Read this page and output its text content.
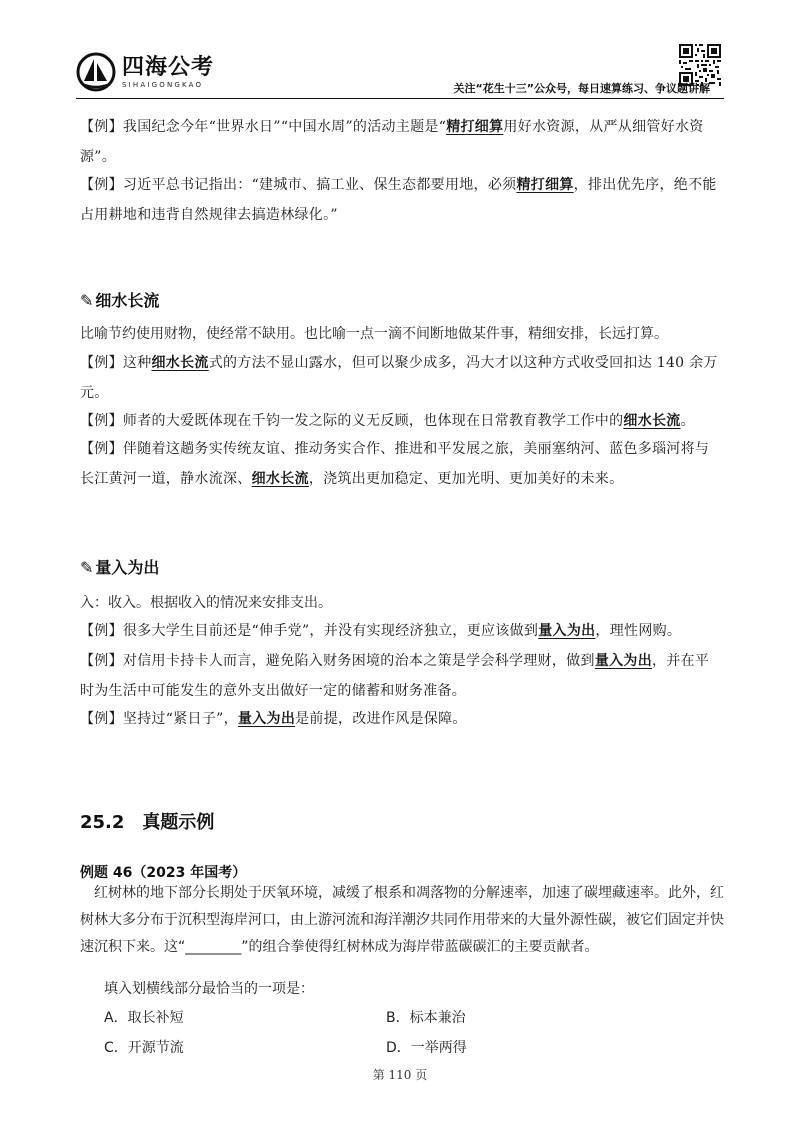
四海公考
SIHAIGONGKAO	关注“花生十三”公众号，每日速算练习、争议题讲解
【例】我国纪念今年“世界水日”“中国水周”的活动主题是“精打细算用好水资源，从严从细管好水资源”。
【例】习近平总书记指出：“建城市、搞工业、保生态都要用地，必须精打细算，排出优先序，绝不能占用耕地和违背自然规律去搞造林绿化。”
✎ 细水长流
比喻节约使用财物，使经常不缺用。也比喻一点一滴不间断地做某件事，精细安排，长远打算。
【例】这种细水长流式的方法不显山露水，但可以聚少成多，冯大才以这种方式收受回扣达 140 余万元。
【例】师者的大爱既体现在千钧一发之际的义无反顾，也体现在日常教育教学工作中的细水长流。
【例】伴随着这趟务实传统友谊、推动务实合作、推进和平发展之旅，美丽塞纳河、蓝色多瑙河将与长江黄河一道，静水流深、细水长流，浇筑出更加稳定、更加光明、更加美好的未来。
✎ 量入为出
入：收入。根据收入的情况来安排支出。
【例】很多大学生目前还是“伸手党”，并没有实现经济独立，更应该做到量入为出，理性网购。
【例】对信用卡持卡人而言，避免陷入财务困境的治本之策是学会科学理财，做到量入为出，并在平时为生活中可能发生的意外支出做好一定的储蓄和财务准备。
【例】坚持过“紧日子”，量入为出是前提，改进作风是保障。
25.2 真题示例
例题 46（2023 年国考）
红树林的地下部分长期处于厌氧环境，减缓了根系和凋落物的分解速率，加速了碳埋藏速率。此外，红树林大多分布于沉积型海岸河口，由上游河流和海洋潮汐共同作用带来的大量外源性碳，被它们固定并快速沉积下来。这“________”的组合拳使得红树林成为海岸带蓝碳碳汇的主要贡献者。
填入划横线部分最恰当的一项是：
A．取长补短	B．标本兼治
C．开源节流	D．一举两得
第 110 页
